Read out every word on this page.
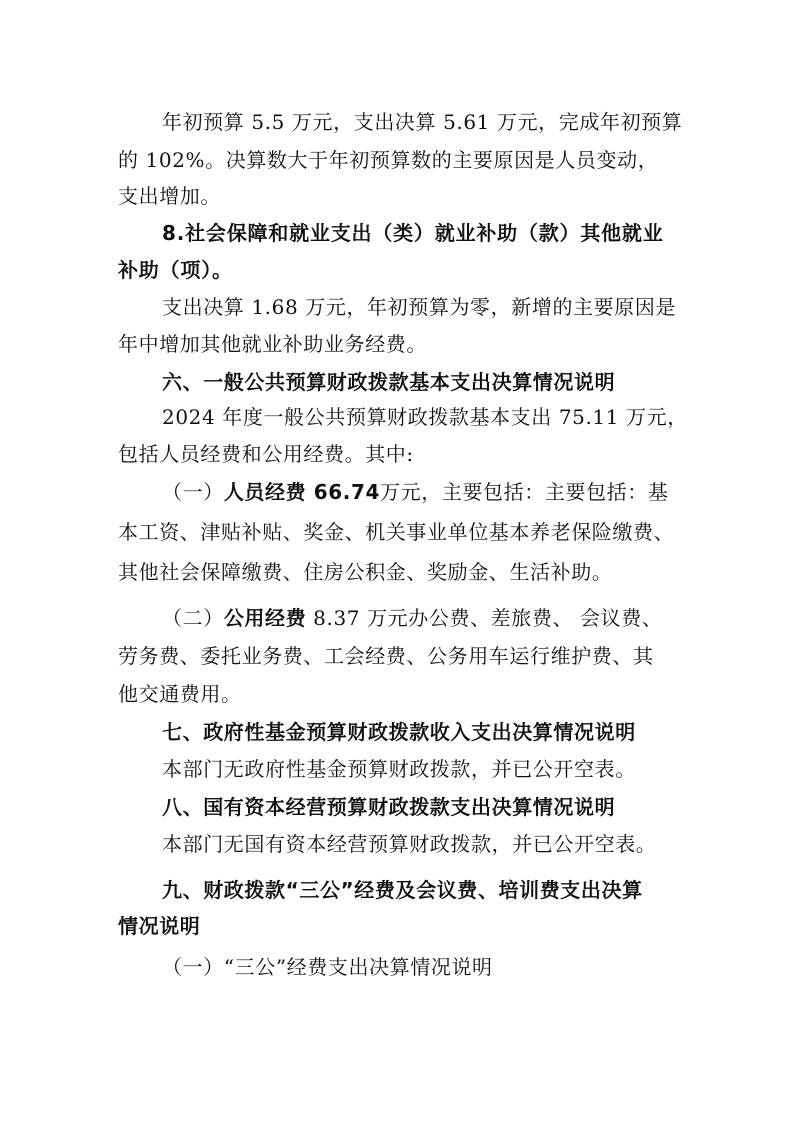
年初预算 5.5 万元，支出决算 5.61 万元，完成年初预算
的 102%。决算数大于年初预算数的主要原因是人员变动，
支出增加。
8.社会保障和就业支出（类）就业补助（款）其他就业
补助（项）。
支出决算 1.68 万元，年初预算为零，新增的主要原因是
年中增加其他就业补助业务经费。
六、一般公共预算财政拨款基本支出决算情况说明
2024 年度一般公共预算财政拨款基本支出 75.11 万元，
包括人员经费和公用经费。其中:
（一）人员经费 66.74万元，主要包括：主要包括：基
本工资、津贴补贴、奖金、机关事业单位基本养老保险缴费、
其他社会保障缴费、住房公积金、奖励金、生活补助。
（二）公用经费 8.37 万元办公费、差旅费、 会议费、
劳务费、委托业务费、工会经费、公务用车运行维护费、其
他交通费用。
七、政府性基金预算财政拨款收入支出决算情况说明
本部门无政府性基金预算财政拨款，并已公开空表。
八、国有资本经营预算财政拨款支出决算情况说明
本部门无国有资本经营预算财政拨款，并已公开空表。
九、财政拨款“三公”经费及会议费、培训费支出决算
情况说明
（一）“三公”经费支出决算情况说明
